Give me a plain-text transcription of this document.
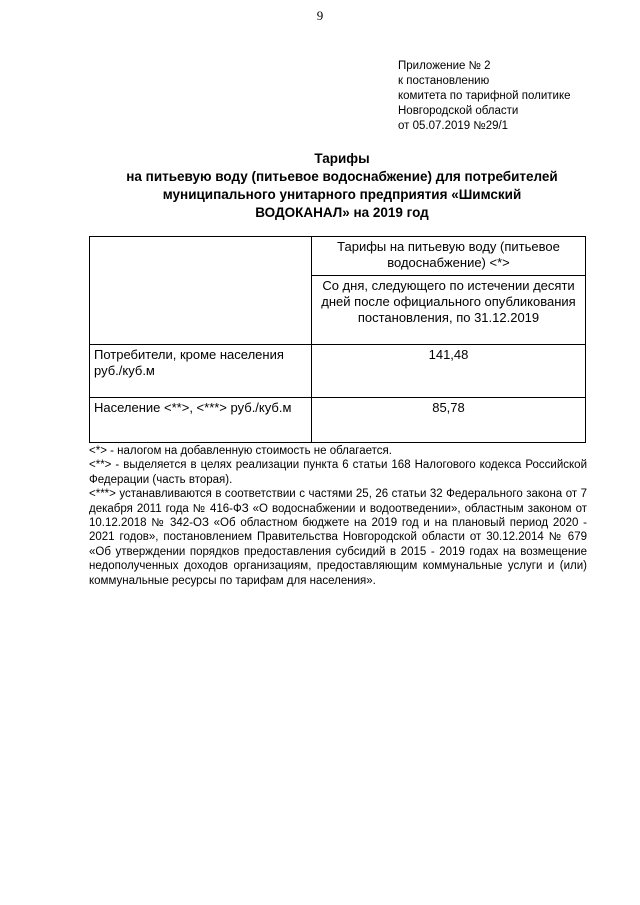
9
Приложение № 2
к постановлению
комитета по тарифной политике
Новгородской области
от 05.07.2019 №29/1
Тарифы
на питьевую воду (питьевое водоснабжение) для потребителей
муниципального унитарного предприятия «Шимский
ВОДОКАНАЛ» на 2019 год
	Тарифы на питьевую воду (питьевое водоснабжение) <*>
	Со дня, следующего по истечении десяти дней после официального опубликования постановления, по 31.12.2019
Потребители, кроме населения руб./куб.м	141,48
Население <**>, <***> руб./куб.м	85,78

<*> - налогом на добавленную стоимость не облагается.

<**> - выделяется в целях реализации пункта 6 статьи 168 Налогового кодекса Российской Федерации (часть вторая).

<***> устанавливаются в соответствии с частями 25, 26 статьи 32 Федерального закона от 7 декабря 2011 года № 416-ФЗ «О водоснабжении и водоотведении», областным законом от 10.12.2018 № 342-ОЗ «Об областном бюджете на 2019 год и на плановый период 2020 - 2021 годов», постановлением Правительства Новгородской области от 30.12.2014 № 679 «Об утверждении порядков предоставления субсидий в 2015 - 2019 годах на возмещение недополученных доходов организациям, предоставляющим коммунальные услуги и (или) коммунальные ресурсы по тарифам для населения».
